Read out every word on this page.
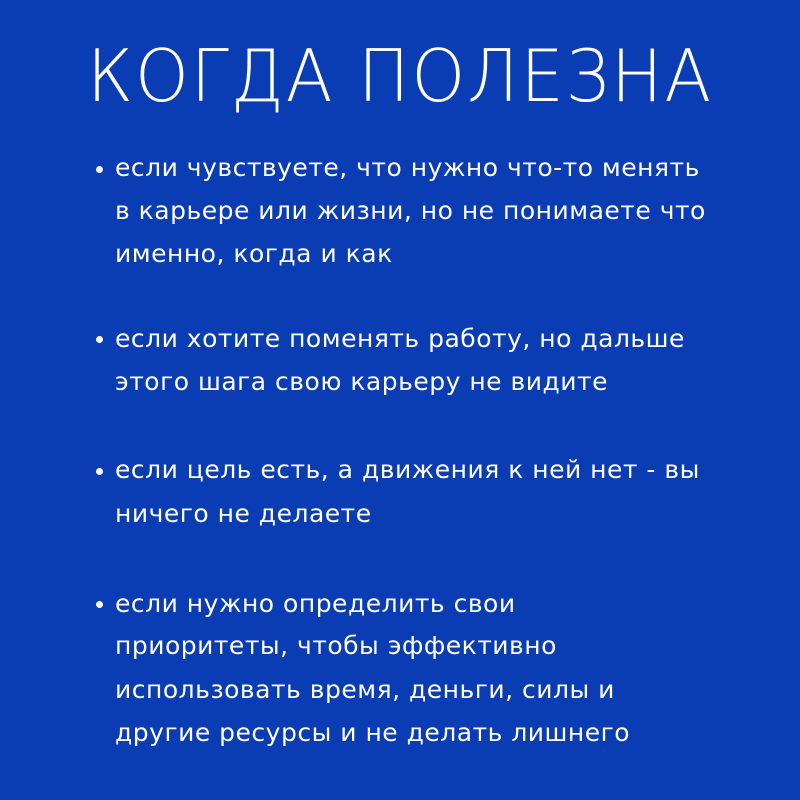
КОГДА ПОЛЕЗНА
если чувствуете, что нужно что-то менять
в карьере или жизни, но не понимаете что
именно, когда и как
если хотите поменять работу, но дальше
этого шага свою карьеру не видите
если цель есть, а движения к ней нет - вы
ничего не делаете
если нужно определить свои
приоритеты, чтобы эффективно
использовать время, деньги, силы и
другие ресурсы и не делать лишнего
